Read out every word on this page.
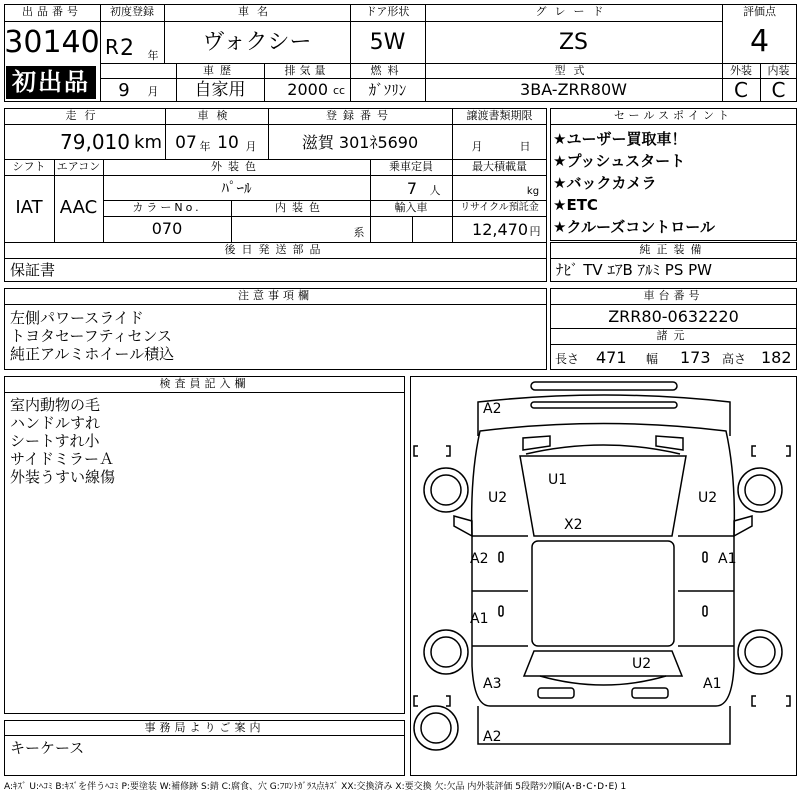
出品番号
30140
初出品
初度登録
R 2 年
9	月
車名
ヴォクシー
ドア形状
5W
グレード
ZS
評価点
4
車歴
自家用
排気量
2000 cc
燃料
ｶﾞｿﾘﾝ
型式
3BA-ZRR80W
外装	内装
C	C
走行
79,010 km
車検
07 年 10 月
登録番号
滋賀 301ﾈ5690
譲渡書類期限
月	日
シフト
IAT
エアコン
AAC
外装色
ﾊﾟｰﾙ
乗車定員
7	人
最大積載量
kg
カラーNo.
070
内装色
系
輸入車	リサイクル預託金
12,470 円
セールスポイント
★ユーザー買取車！
★プッシュスタート
★バックカメラ
★ETC
★クルーズコントロール
後日発送部品
保証書
純正装備
ﾅﾋﾞ TV ｴｱB ｱﾙﾐ PS PW
注意事項欄
左側パワースライド
トヨタセーフティセンス
純正アルミホイール積込
車台番号
ZRR80-0632220
諸元
長さ 471 幅 173 高さ 182
検査員記入欄
室内動物の毛
ハンドルすれ
シートすれ小
サイドミラーＡ
外装うすい線傷
事務局よりご案内
キーケース
A2
U1
X2
U2	U2
A2	A1
A1
U2
A3	A1
A2
A:ｷｽﾞ U:ﾍｺﾐ B:ｷｽﾞを伴うﾍｺﾐ P:要塗装 W:補修跡 S:錆 C:腐食、穴 G:ﾌﾛﾝﾄｶﾞﾗｽ点ｷｽﾞ XX:交換済み X:要交換 欠:欠品 内外装評価 5段階ﾗﾝｸ順(A･B･C･D･E) 1
